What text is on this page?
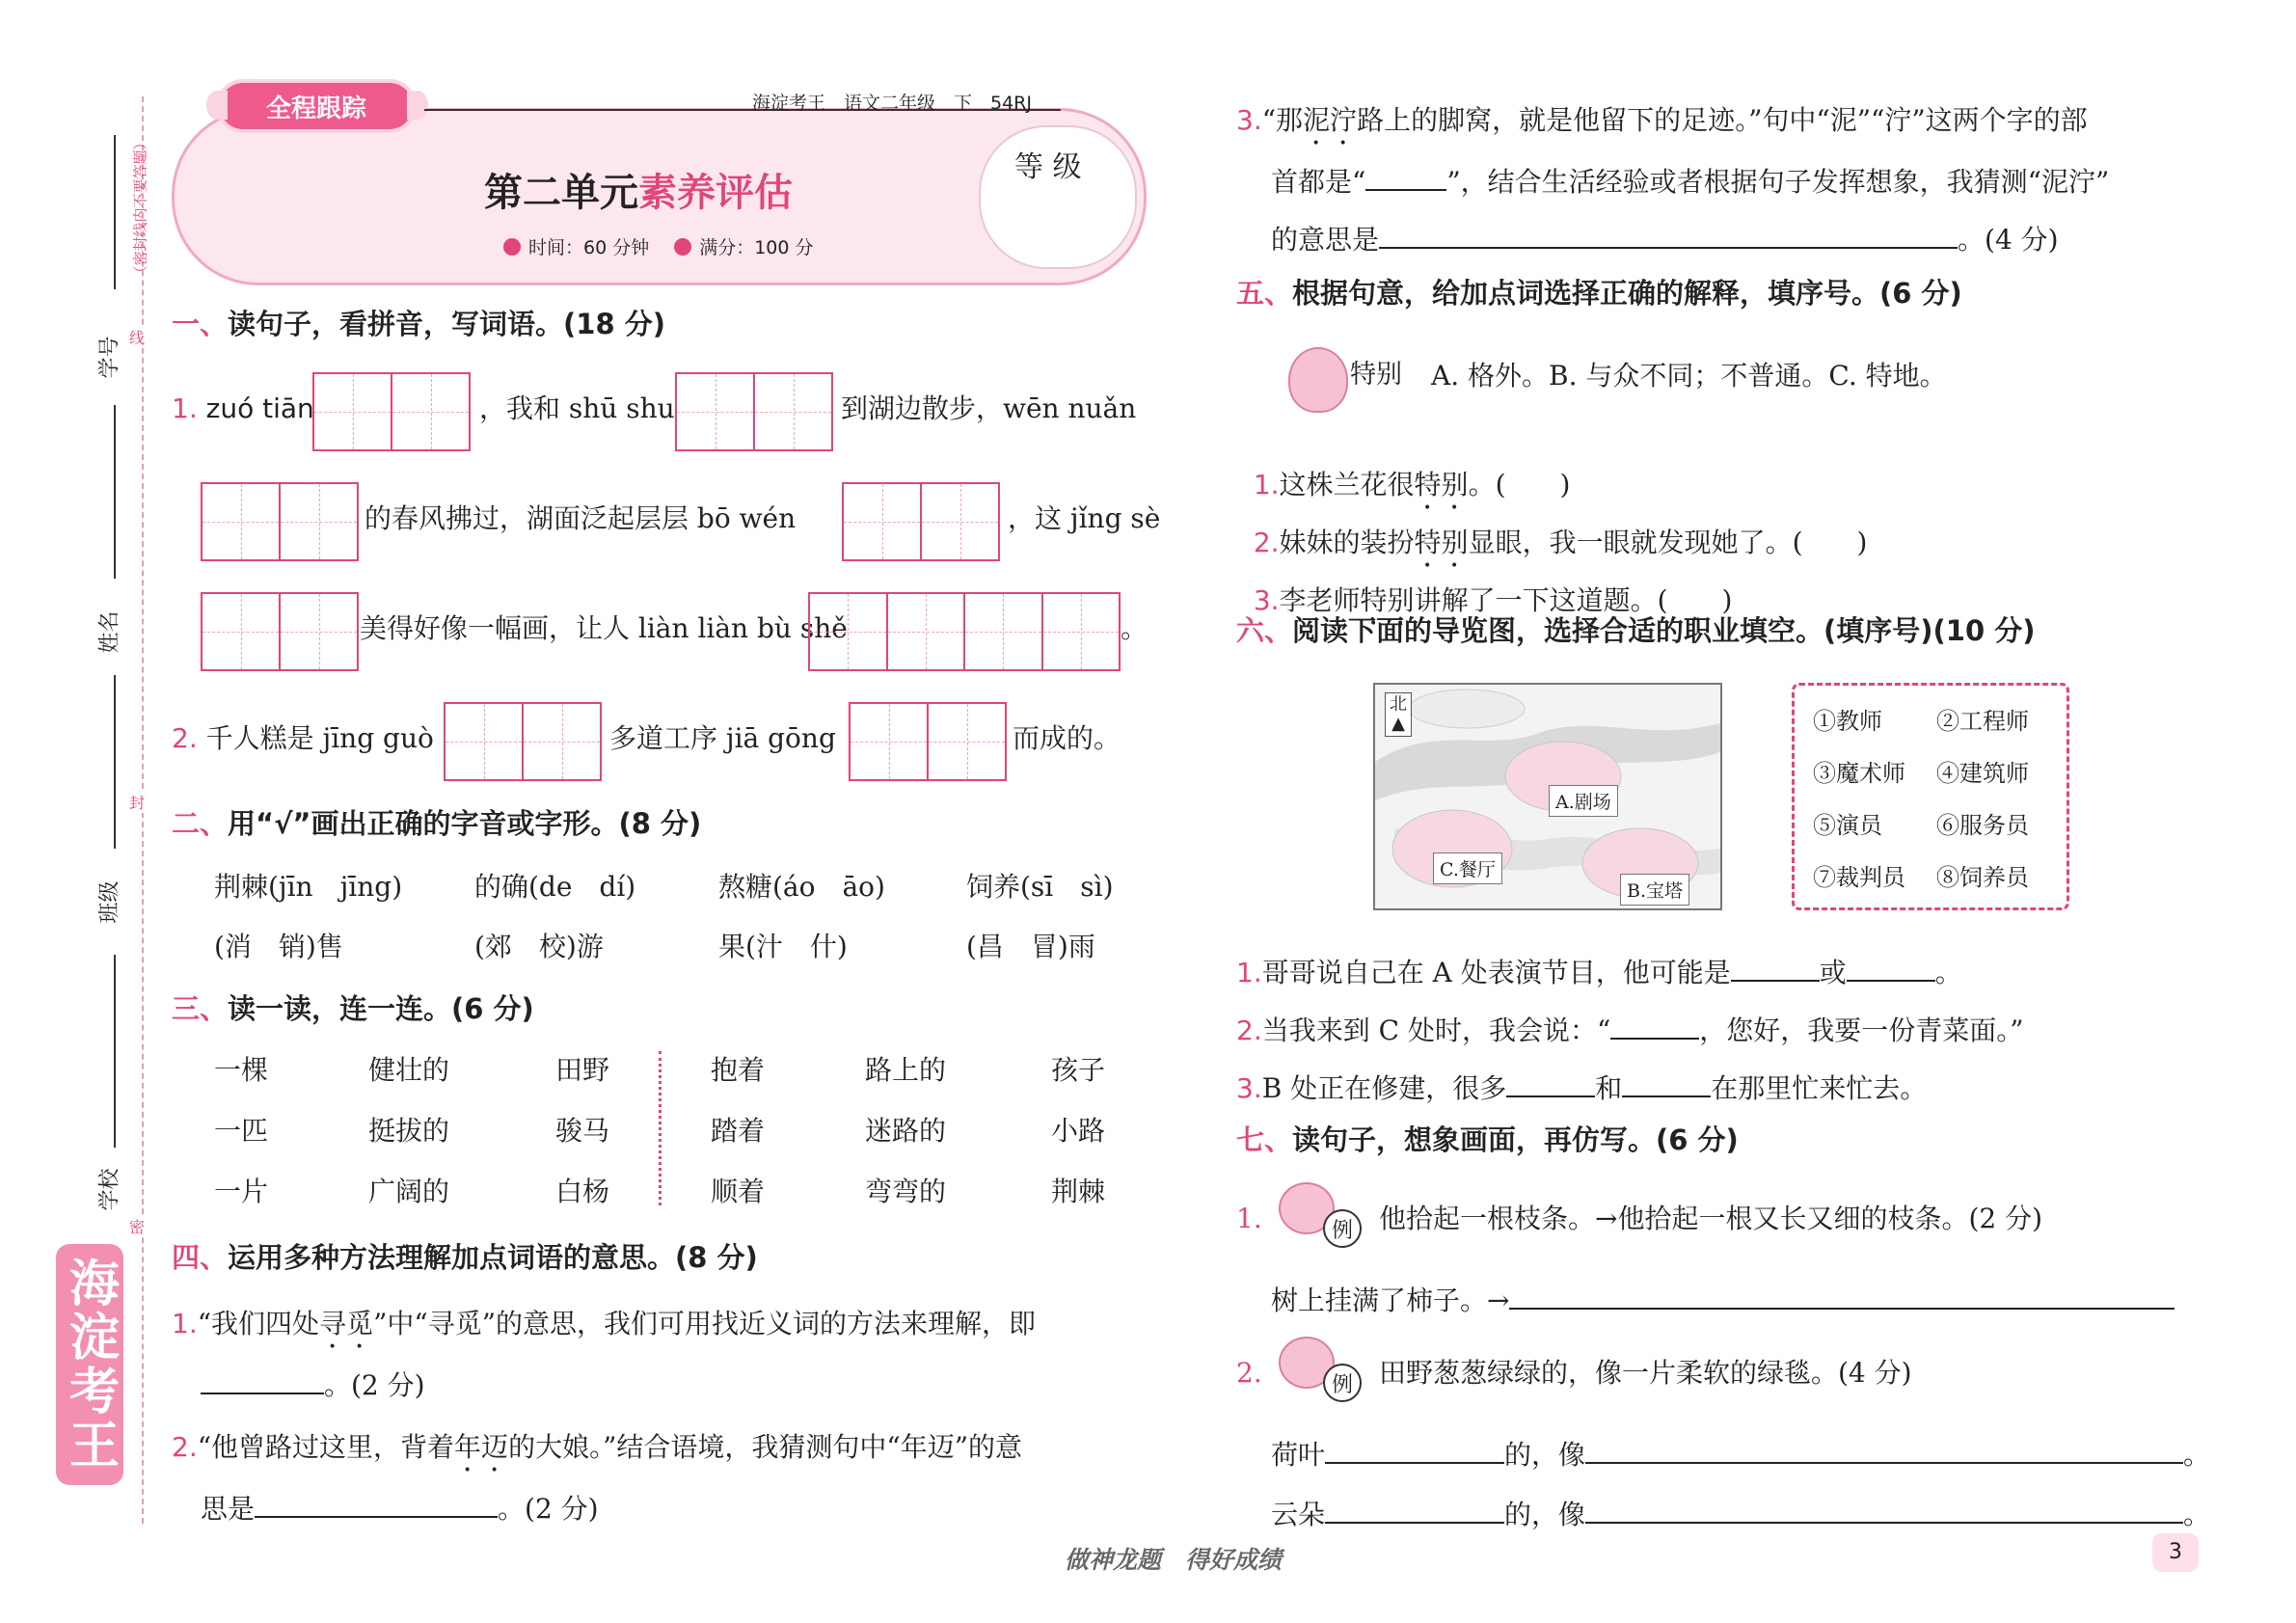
（密封线内不要答题）
线
封
密
学号
姓名
班级
学校
海淀考王
全程跟踪	海淀考王　语文二年级　下　54RJ
第二单元素养评估
时间：60 分钟	满分：100 分
等 级
一、读句子，看拼音，写词语。(18 分)
1. zuó tiān	，我和 shū shu	到湖边散步，wēn nuǎn
的春风拂过，湖面泛起层层 bō wén	，这 jǐng sè
美得好像一幅画，让人 liàn liàn bù shě	。
2. 千人糕是 jīng guò	多道工序 jiā gōng	而成的。
二、用“√”画出正确的字音或字形。(8 分)
荆棘(jīn　jīng)	的确(de　dí)	熬糖(áo　āo)	饲养(sī　sì)
(消　销)售	(郊　校)游	果(汁　什)	(昌　冒)雨
三、读一读，连一连。(6 分)
一棵	健壮的	田野
一匹	挺拔的	骏马
一片	广阔的	白杨
抱着	路上的	孩子
踏着	迷路的	小路
顺着	弯弯的	荆棘
四、运用多种方法理解加点词语的意思。(8 分)
1.“我们四处寻觅”中“寻觅”的意思，我们可用找近义词的方法来理解，即
。(2 分)
2.“他曾路过这里，背着年迈的大娘。”结合语境，我猜测句中“年迈”的意
思是	。(2 分)
3.“那泥泞路上的脚窝，就是他留下的足迹。”句中“泥”“泞”这两个字的部
首都是“	”，结合生活经验或者根据句子发挥想象，我猜测“泥泞”
的意思是	。(4 分)
五、根据句意，给加点词选择正确的解释，填序号。(6 分)
特别 A. 格外。B. 与众不同；不普通。C. 特地。

1.这株兰花很特别。(　　)

2.妹妹的装扮特别显眼，我一眼就发现她了。(　　)

3.李老师特别讲解了一下这道题。(　　)

六、阅读下面的导览图，选择合适的职业填空。(填序号)(10 分)
北
▲
A.剧场
C.餐厅
B.宝塔
①教师 ②工程师
③魔术师 ④建筑师
⑤演员 ⑥服务员
⑦裁判员 ⑧饲养员
1.哥哥说自己在 A 处表演节目，他可能是	或	。
2.当我来到 C 处时，我会说：“	，您好，我要一份青菜面。”
3.B 处正在修建，很多	和	在那里忙来忙去。
七、读句子，想象画面，再仿写。(6 分)
1.	例 他拾起一根枝条。→他拾起一根又长又细的枝条。(2 分)
树上挂满了柿子。→
2.	例 田野葱葱绿绿的，像一片柔软的绿毯。(4 分)
荷叶	的，像	。
云朵	的，像	。
做神龙题　得好成绩	3
